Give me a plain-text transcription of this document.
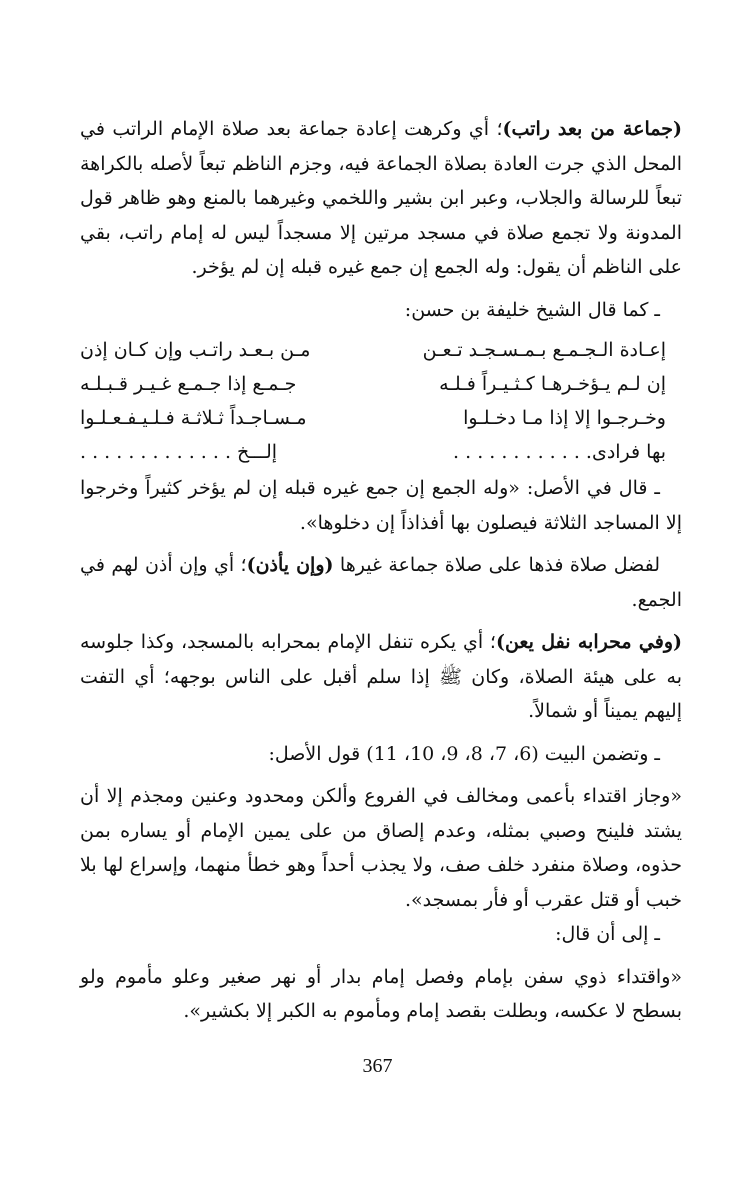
(جماعة من بعد راتب)؛ أي وكرهت إعادة جماعة بعد صلاة الإمام الراتب في المحل الذي جرت العادة بصلاة الجماعة فيه، وجزم الناظم تبعاً لأصله بالكراهة تبعاً للرسالة والجلاب، وعبر ابن بشير واللخمي وغيرهما بالمنع وهو ظاهر قول المدونة ولا تجمع صلاة في مسجد مرتين إلا مسجداً ليس له إمام راتب، بقي على الناظم أن يقول: وله الجمع إن جمع غيره قبله إن لم يؤخر.

ـ كما قال الشيخ خليفة بن حسن:

إعـادة الـجـمـع بـمـسـجـد تـعـن
مـن بـعـد راتـب وإن كـان إذن
إن لـم يـؤخـرهـا كـثـيـراً فـلـه
جـمـع إذا جـمـع غـيـر قـبـلـه
وخـرجـوا إلا إذا مـا دخـلـوا
مـسـاجـداً ثـلاثـة فـلـيـفـعـلـوا
بها فرادى. . . . . . . . . . . .
إلـــخ . . . . . . . . . . . . .

ـ قال في الأصل: «وله الجمع إن جمع غيره قبله إن لم يؤخر كثيراً وخرجوا إلا المساجد الثلاثة فيصلون بها أفذاذاً إن دخلوها».

لفضل صلاة فذها على صلاة جماعة غيرها (وإن يأذن)؛ أي وإن أذن لهم في الجمع.

(وفي محرابه نفل يعن)؛ أي يكره تنفل الإمام بمحرابه بالمسجد، وكذا جلوسه به على هيئة الصلاة، وكان ﷺ إذا سلم أقبل على الناس بوجهه؛ أي التفت إليهم يميناً أو شمالاً.

ـ وتضمن البيت (6، 7، 8، 9، 10، 11) قول الأصل:

«وجاز اقتداء بأعمى ومخالف في الفروع وألكن ومحدود وعنين ومجذم إلا أن يشتد فلينح وصبي بمثله، وعدم إلصاق من على يمين الإمام أو يساره بمن حذوه، وصلاة منفرد خلف صف، ولا يجذب أحداً وهو خطأ منهما، وإسراع لها بلا خبب أو قتل عقرب أو فأر بمسجد».

ـ إلى أن قال:

«واقتداء ذوي سفن بإمام وفصل إمام بدار أو نهر صغير وعلو مأموم ولو بسطح لا عكسه، وبطلت بقصد إمام ومأموم به الكبر إلا بكشير».

367
